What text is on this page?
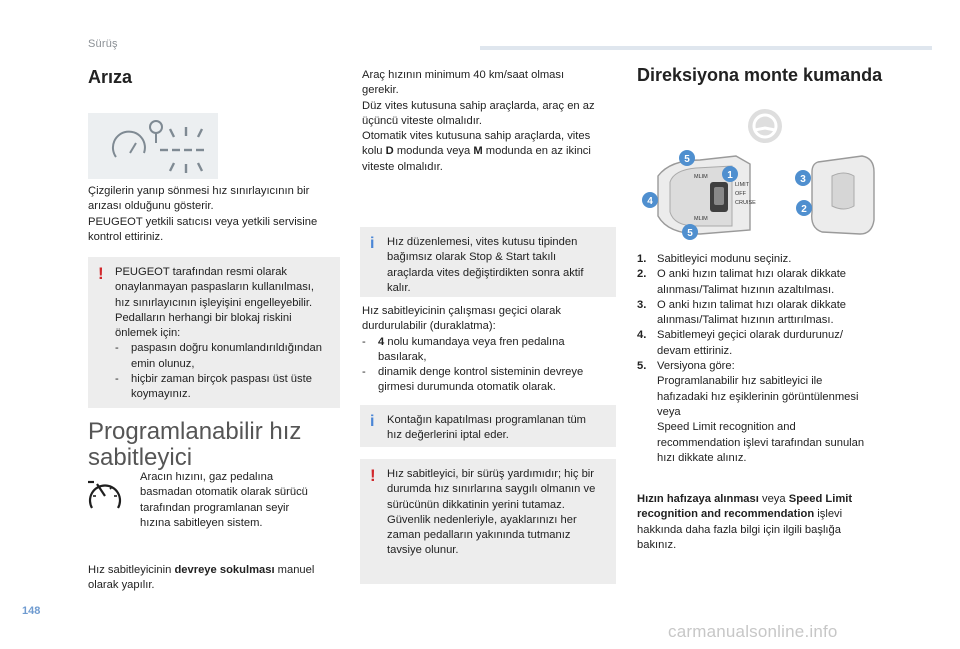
Sürüş
148
carmanualsonline.info
Arıza

Çizgilerin yanıp sönmesi hız sınırlayıcının bir

arızası olduğunu gösterir.

PEUGEOT yetkili satıcısı veya yetkili servisine

kontrol ettiriniz.

! PEUGEOT tarafından resmi olarak

onaylanmayan paspasların kullanılması,

hız sınırlayıcının işleyişini engelleyebilir.

Pedalların herhangi bir blokaj riskini

önlemek için:

-	paspasın doğru konumlandırıldığından
emin olunuz,
-	hiçbir zaman birçok paspası üst üste
koymayınız.
Programlanabilir hız
sabitleyici

Aracın hızını, gaz pedalına

basmadan otomatik olarak sürücü

tarafından programlanan seyir

hızına sabitleyen sistem.

Hız sabitleyicinin devreye sokulması manuel

olarak yapılır.

Araç hızının minimum 40 km/saat olması

gerekir.

Düz vites kutusuna sahip araçlarda, araç en az

üçüncü viteste olmalıdır.

Otomatik vites kutusuna sahip araçlarda, vites

kolu D modunda veya M modunda en az ikinci

viteste olmalıdır.

i Hız düzenlemesi, vites kutusu tipinden

bağımsız olarak Stop & Start takılı

araçlarda vites değiştirdikten sonra aktif

kalır.

Hız sabitleyicinin çalışması geçici olarak

durdurulabilir (duraklatma):

-	4 nolu kumandaya veya fren pedalına
basılarak,
-	dinamik denge kontrol sisteminin devreye
girmesi durumunda otomatik olarak.
i Kontağın kapatılması programlanan tüm

hız değerlerini iptal eder.

! Hız sabitleyici, bir sürüş yardımıdır; hiç bir

durumda hız sınırlarına saygılı olmanın ve

sürücünün dikkatinin yerini tutamaz.

Güvenlik nedenleriyle, ayaklarınızı her

zaman pedalların yakınında tutmanız

tavsiye olunur.

Direksiyona monte kumanda
MLIM
LIMIT
OFF
CRUISE
MLIM
5
1
4
5
3
2
1. Sabitleyici modunu seçiniz.
2. O anki hızın talimat hızı olarak dikkate
alınması/Talimat hızının azaltılması.
3. O anki hızın talimat hızı olarak dikkate
alınması/Talimat hızının arttırılması.
4. Sabitlemeyi geçici olarak durdurunuz/
devam ettiriniz.
5. Versiyona göre:
Programlanabilir hız sabitleyici ile
hafızadaki hız eşiklerinin görüntülenmesi
veya
Speed Limit recognition and
recommendation işlevi tarafından sunulan
hızı dikkate alınız.

Hızın hafızaya alınması veya Speed Limit

recognition and recommendation işlevi

hakkında daha fazla bilgi için ilgili başlığa

bakınız.
